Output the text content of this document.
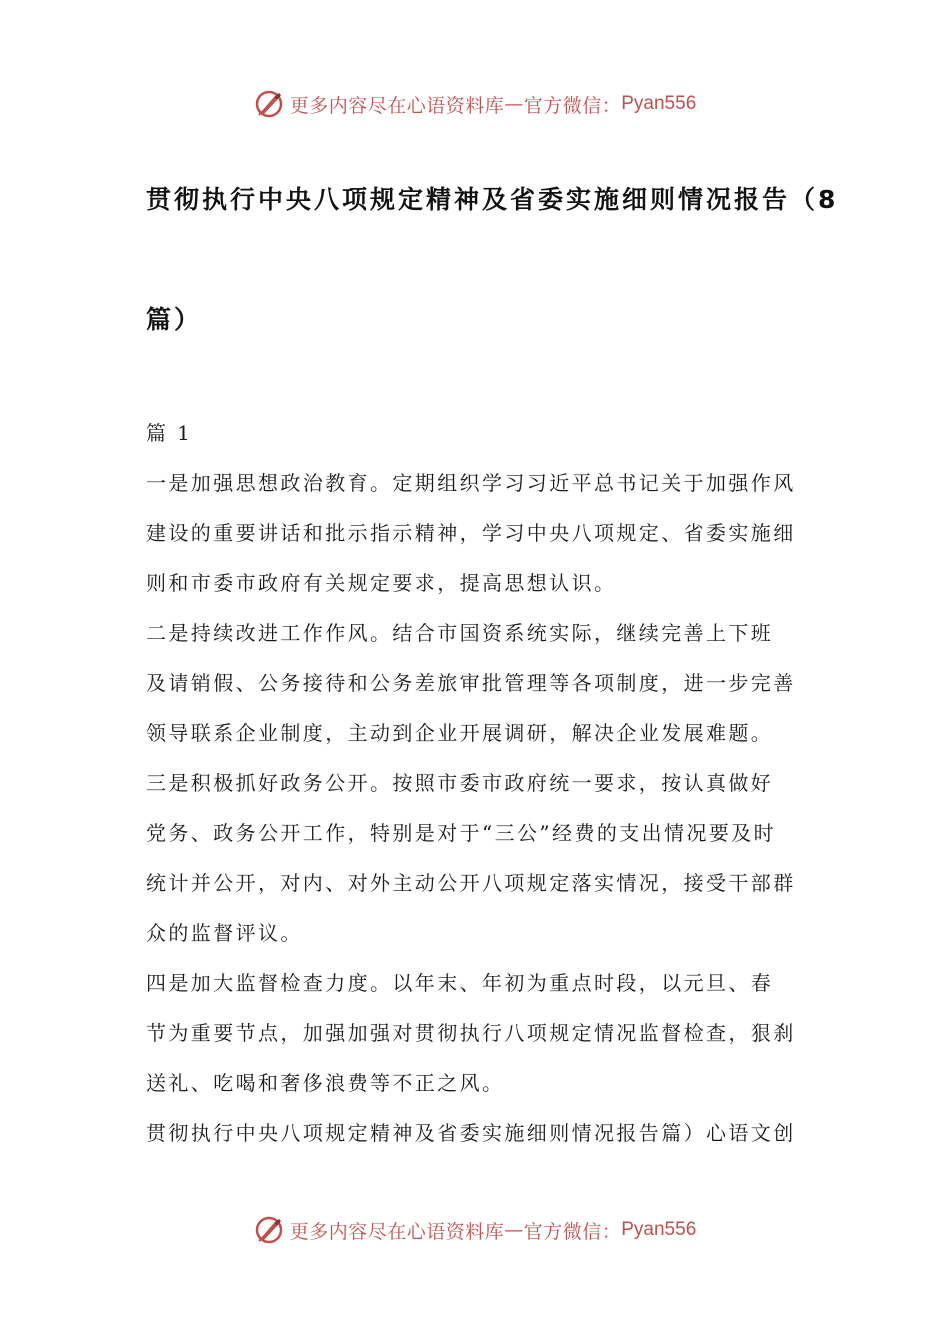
更多内容尽在心语资料库 — 官方微信： Pyan556
贯彻执行中央八项规定精神及省委实施细则情况报告（8
篇）
篇 1
一是加强思想政治教育。定期组织学习习近平总书记关于加强作风
建设的重要讲话和批示指示精神，学习中央八项规定、省委实施细
则和市委市政府有关规定要求，提高思想认识。
二是持续改进工作作风。结合市国资系统实际，继续完善上下班
及请销假、公务接待和公务差旅审批管理等各项制度，进一步完善
领导联系企业制度，主动到企业开展调研，解决企业发展难题。
三是积极抓好政务公开。按照市委市政府统一要求，按认真做好
党务、政务公开工作，特别是对于“三公”经费的支出情况要及时
统计并公开，对内、对外主动公开八项规定落实情况，接受干部群
众的监督评议。
四是加大监督检查力度。以年末、年初为重点时段，以元旦、春
节为重要节点，加强加强对贯彻执行八项规定情况监督检查，狠刹
送礼、吃喝和奢侈浪费等不正之风。
贯彻执行中央八项规定精神及省委实施细则情况报告篇）心语文创
更多内容尽在心语资料库 — 官方微信： Pyan556
